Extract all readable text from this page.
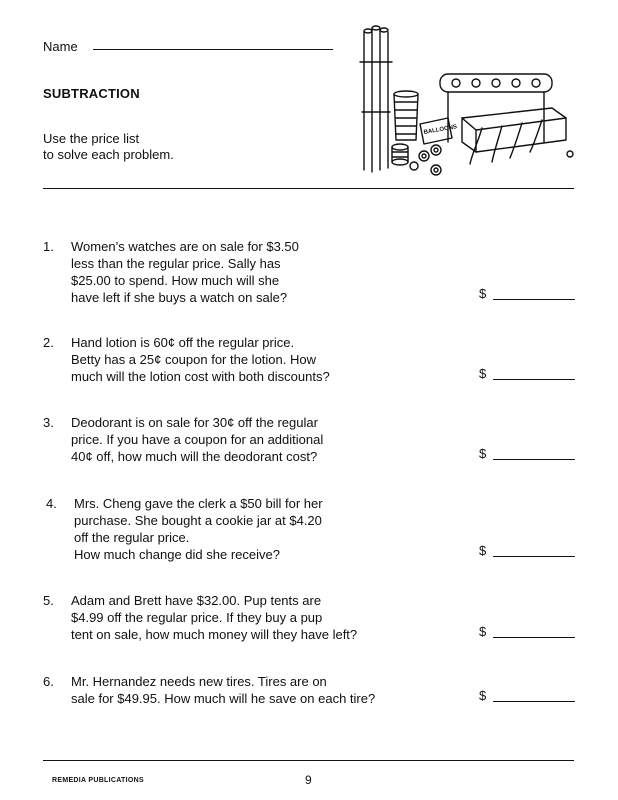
Name
SUBTRACTION
Use the price list
to solve each problem.
BALLOONS
1.	Women’s watches are on sale for $3.50
less than the regular price. Sally has
$25.00 to spend. How much will she
have left if she buys a watch on sale?	$
2.	Hand lotion is 60¢ off the regular price.
Betty has a 25¢ coupon for the lotion. How
much will the lotion cost with both discounts?	$
3.	Deodorant is on sale for 30¢ off the regular
price. If you have a coupon for an additional
40¢ off, how much will the deodorant cost?	$
4.	Mrs. Cheng gave the clerk a $50 bill for her
purchase. She bought a cookie jar at $4.20
off the regular price.
How much change did she receive?	$
5.	Adam and Brett have $32.00. Pup tents are
$4.99 off the regular price. If they buy a pup
tent on sale, how much money will they have left?	$
6.	Mr. Hernandez needs new tires. Tires are on
sale for $49.95. How much will he save on each tire?	$
REMEDIA PUBLICATIONS	9
